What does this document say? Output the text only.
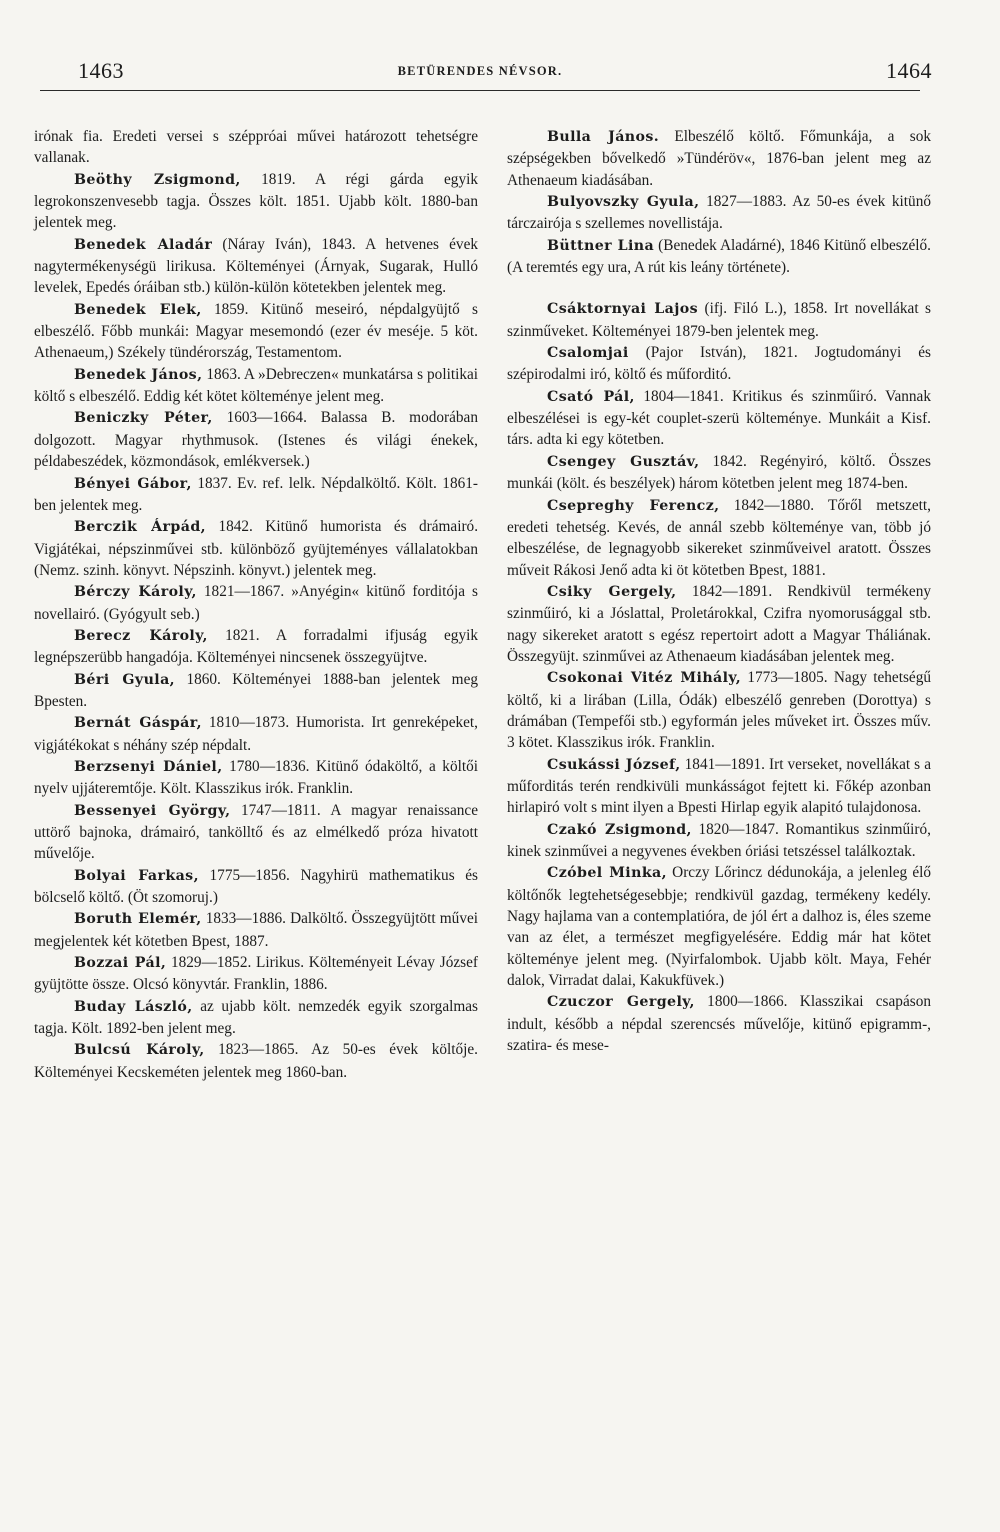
1463	BETÜRENDES NÉVSOR.	1464

irónak fia. Eredeti versei s széppróai művei határozott tehetségre vallanak.

Beöthy Zsigmond, 1819. A régi gárda egyik legrokonszenvesebb tagja. Összes költ. 1851. Ujabb költ. 1880-ban jelentek meg.

Benedek Aladár (Náray Iván), 1843. A hetvenes évek nagytermékenységü lirikusa. Költeményei (Árnyak, Sugarak, Hulló levelek, Epedés óráiban stb.) külön-külön kötetekben jelentek meg.

Benedek Elek, 1859. Kitünő meseiró, népdalgyüjtő s elbeszélő. Főbb munkái: Magyar mesemondó (ezer év meséje. 5 köt. Athenaeum,) Székely tündérország, Testamentom.

Benedek János, 1863. A »Debreczen« munkatársa s politikai költő s elbeszélő. Eddig két kötet költeménye jelent meg.

Beniczky Péter, 1603—1664. Balassa B. modorában dolgozott. Magyar rhythmusok. (Istenes és világi énekek, példabeszédek, közmondások, emlékversek.)

Bényei Gábor, 1837. Ev. ref. lelk. Népdalköltő. Költ. 1861-ben jelentek meg.

Berczik Árpád, 1842. Kitünő humorista és drámairó. Vigjátékai, népszinművei stb. különböző gyüjteményes vállalatokban (Nemz. szinh. könyvt. Népszinh. könyvt.) jelentek meg.

Bérczy Károly, 1821—1867. »Anyégin« kitünő forditója s novellairó. (Gyógyult seb.)

Berecz Károly, 1821. A forradalmi ifjuság egyik legnépszerübb hangadója. Költeményei nincsenek összegyüjtve.

Béri Gyula, 1860. Költeményei 1888-ban jelentek meg Bpesten.

Bernát Gáspár, 1810—1873. Humorista. Irt genreképeket, vigjátékokat s néhány szép népdalt.

Berzsenyi Dániel, 1780—1836. Kitünő ódaköltő, a költői nyelv ujjáteremtője. Költ. Klasszikus irók. Franklin.

Bessenyei György, 1747—1811. A magyar renaissance uttörő bajnoka, drámairó, tankölltő és az elmélkedő próza hivatott művelője.

Bolyai Farkas, 1775—1856. Nagyhirü mathematikus és bölcselő költő. (Öt szomoruj.)

Boruth Elemér, 1833—1886. Dalköltő. Összegyüjtött művei megjelentek két kötetben Bpest, 1887.

Bozzai Pál, 1829—1852. Lirikus. Költeményeit Lévay József gyüjtötte össze. Olcsó könyvtár. Franklin, 1886.

Buday László, az ujabb költ. nemzedék egyik szorgalmas tagja. Költ. 1892-ben jelent meg.

Bulcsú Károly, 1823—1865. Az 50-es évek költője. Költeményei Kecskeméten jelentek meg 1860-ban.

Bulla János. Elbeszélő költő. Főmunkája, a sok szépségekben bővelkedő »Tündéröv«, 1876-ban jelent meg az Athenaeum kiadásában.

Bulyovszky Gyula, 1827—1883. Az 50-es évek kitünő tárczairója s szellemes novellistája.

Büttner Lina (Benedek Aladárné), 1846 Kitünő elbeszélő. (A teremtés egy ura, A rút kis leány története).

Csáktornyai Lajos (ifj. Filó L.), 1858. Irt novellákat s szinműveket. Költeményei 1879-ben jelentek meg.

Csalomjai (Pajor István), 1821. Jogtudományi és szépirodalmi iró, költő és műforditó.

Csató Pál, 1804—1841. Kritikus és szinműiró. Vannak elbeszélései is egy-két couplet-szerü költeménye. Munkáit a Kisf. társ. adta ki egy kötetben.

Csengey Gusztáv, 1842. Regényiró, költő. Összes munkái (költ. és beszélyek) három kötetben jelent meg 1874-ben.

Csepreghy Ferencz, 1842—1880. Tőről metszett, eredeti tehetség. Kevés, de annál szebb költeménye van, több jó elbeszélése, de legnagyobb sikereket szinműveivel aratott. Összes műveit Rákosi Jenő adta ki öt kötetben Bpest, 1881.

Csiky Gergely, 1842—1891. Rendkivül termékeny szinműiró, ki a Jóslattal, Proletárokkal, Czifra nyomorusággal stb. nagy sikereket aratott s egész repertoirt adott a Magyar Tháliának. Összegyüjt. szinművei az Athenaeum kiadásában jelentek meg.

Csokonai Vitéz Mihály, 1773—1805. Nagy tehetségű költő, ki a lirában (Lilla, Ódák) elbeszélő genreben (Dorottya) s drámában (Tempefői stb.) egyformán jeles műveket irt. Összes műv. 3 kötet. Klasszikus irók. Franklin.

Csukássi József, 1841—1891. Irt verseket, novellákat s a műforditás terén rendkivüli munkásságot fejtett ki. Főkép azonban hirlapiró volt s mint ilyen a Bpesti Hirlap egyik alapitó tulajdonosa.

Czakó Zsigmond, 1820—1847. Romantikus szinműiró, kinek szinművei a negyvenes években óriási tetszéssel találkoztak.

Czóbel Minka, Orczy Lőrincz dédunokája, a jelenleg élő költőnők legtehetségesebbje; rendkivül gazdag, termékeny kedély. Nagy hajlama van a contemplatióra, de jól ért a dalhoz is, éles szeme van az élet, a természet megfigyelésére. Eddig már hat kötet költeménye jelent meg. (Nyirfalombok. Ujabb költ. Maya, Fehér dalok, Virradat dalai, Kakukfüvek.)

Czuczor Gergely, 1800—1866. Klasszikai csapáson indult, később a népdal szerencsés művelője, kitünő epigramm-, szatira- és mese-
